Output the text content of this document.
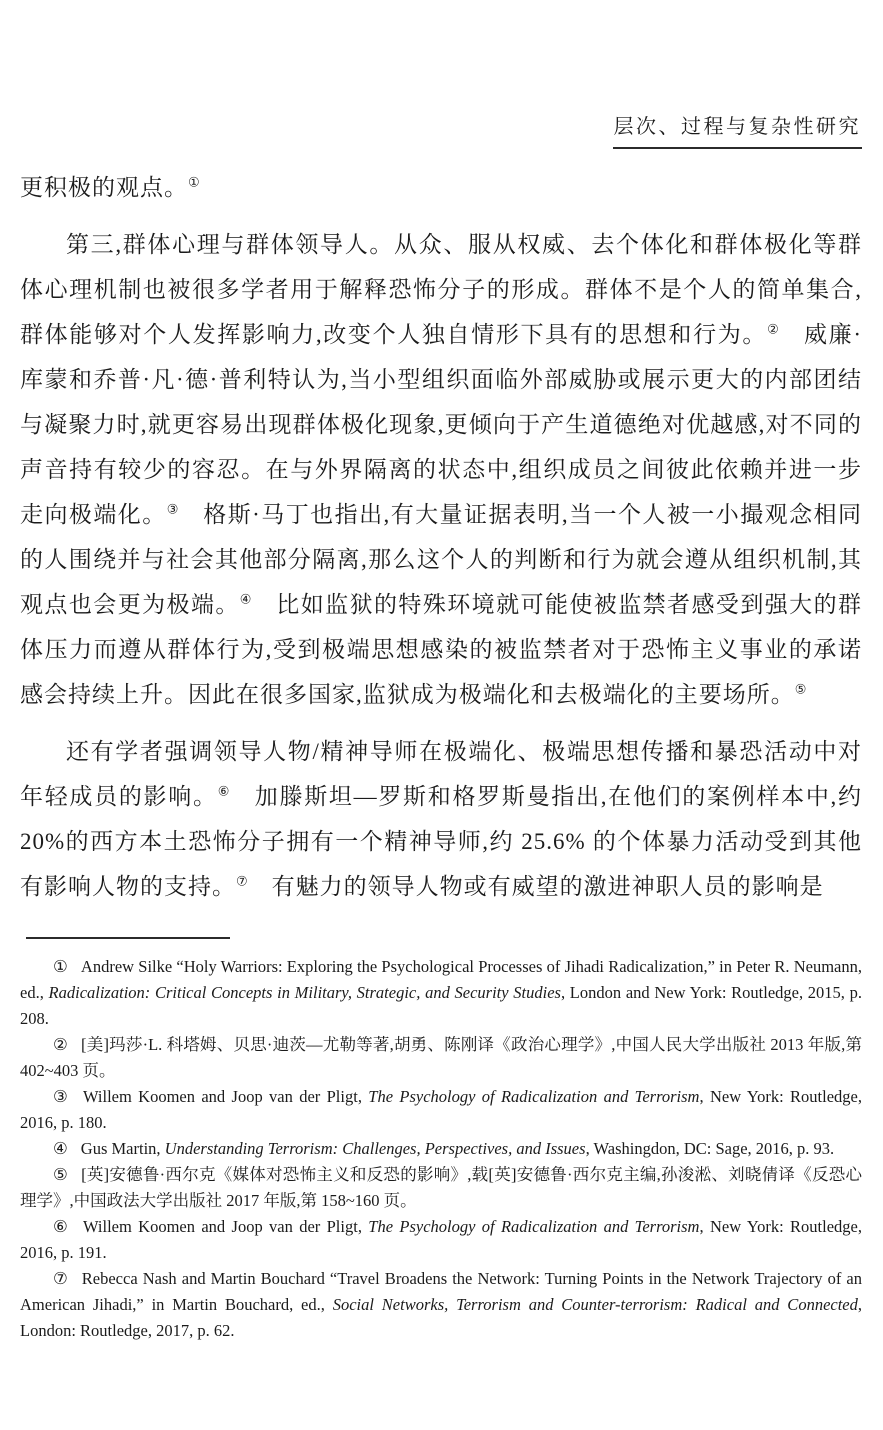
层次、过程与复杂性研究

更积极的观点。①

第三,群体心理与群体领导人。从众、服从权威、去个体化和群体极化等群体心理机制也被很多学者用于解释恐怖分子的形成。群体不是个人的简单集合,群体能够对个人发挥影响力,改变个人独自情形下具有的思想和行为。②　威廉·库蒙和乔普·凡·德·普利特认为,当小型组织面临外部威胁或展示更大的内部团结与凝聚力时,就更容易出现群体极化现象,更倾向于产生道德绝对优越感,对不同的声音持有较少的容忍。在与外界隔离的状态中,组织成员之间彼此依赖并进一步走向极端化。③　格斯·马丁也指出,有大量证据表明,当一个人被一小撮观念相同的人围绕并与社会其他部分隔离,那么这个人的判断和行为就会遵从组织机制,其观点也会更为极端。④　比如监狱的特殊环境就可能使被监禁者感受到强大的群体压力而遵从群体行为,受到极端思想感染的被监禁者对于恐怖主义事业的承诺感会持续上升。因此在很多国家,监狱成为极端化和去极端化的主要场所。⑤

还有学者强调领导人物/精神导师在极端化、极端思想传播和暴恐活动中对年轻成员的影响。⑥　加滕斯坦—罗斯和格罗斯曼指出,在他们的案例样本中,约20%的西方本土恐怖分子拥有一个精神导师,约 25.6% 的个体暴力活动受到其他有影响人物的支持。⑦　有魅力的领导人物或有威望的激进神职人员的影响是

① Andrew Silke “Holy Warriors: Exploring the Psychological Processes of Jihadi Radicalization,” in Peter R. Neumann, ed., Radicalization: Critical Concepts in Military, Strategic, and Security Studies, London and New York: Routledge, 2015, p. 208.

② [美]玛莎·L. 科塔姆、贝思·迪茨—尤勒等著,胡勇、陈刚译《政治心理学》,中国人民大学出版社 2013 年版,第 402~403 页。

③ Willem Koomen and Joop van der Pligt, The Psychology of Radicalization and Terrorism, New York: Routledge, 2016, p. 180.

④ Gus Martin, Understanding Terrorism: Challenges, Perspectives, and Issues, Washingdon, DC: Sage, 2016, p. 93.

⑤ [英]安德鲁·西尔克《媒体对恐怖主义和反恐的影响》,载[英]安德鲁·西尔克主编,孙浚淞、刘晓倩译《反恐心理学》,中国政法大学出版社 2017 年版,第 158~160 页。

⑥ Willem Koomen and Joop van der Pligt, The Psychology of Radicalization and Terrorism, New York: Routledge, 2016, p. 191.

⑦ Rebecca Nash and Martin Bouchard “Travel Broadens the Network: Turning Points in the Network Trajectory of an American Jihadi,” in Martin Bouchard, ed., Social Networks, Terrorism and Counter-terrorism: Radical and Connected, London: Routledge, 2017, p. 62.
